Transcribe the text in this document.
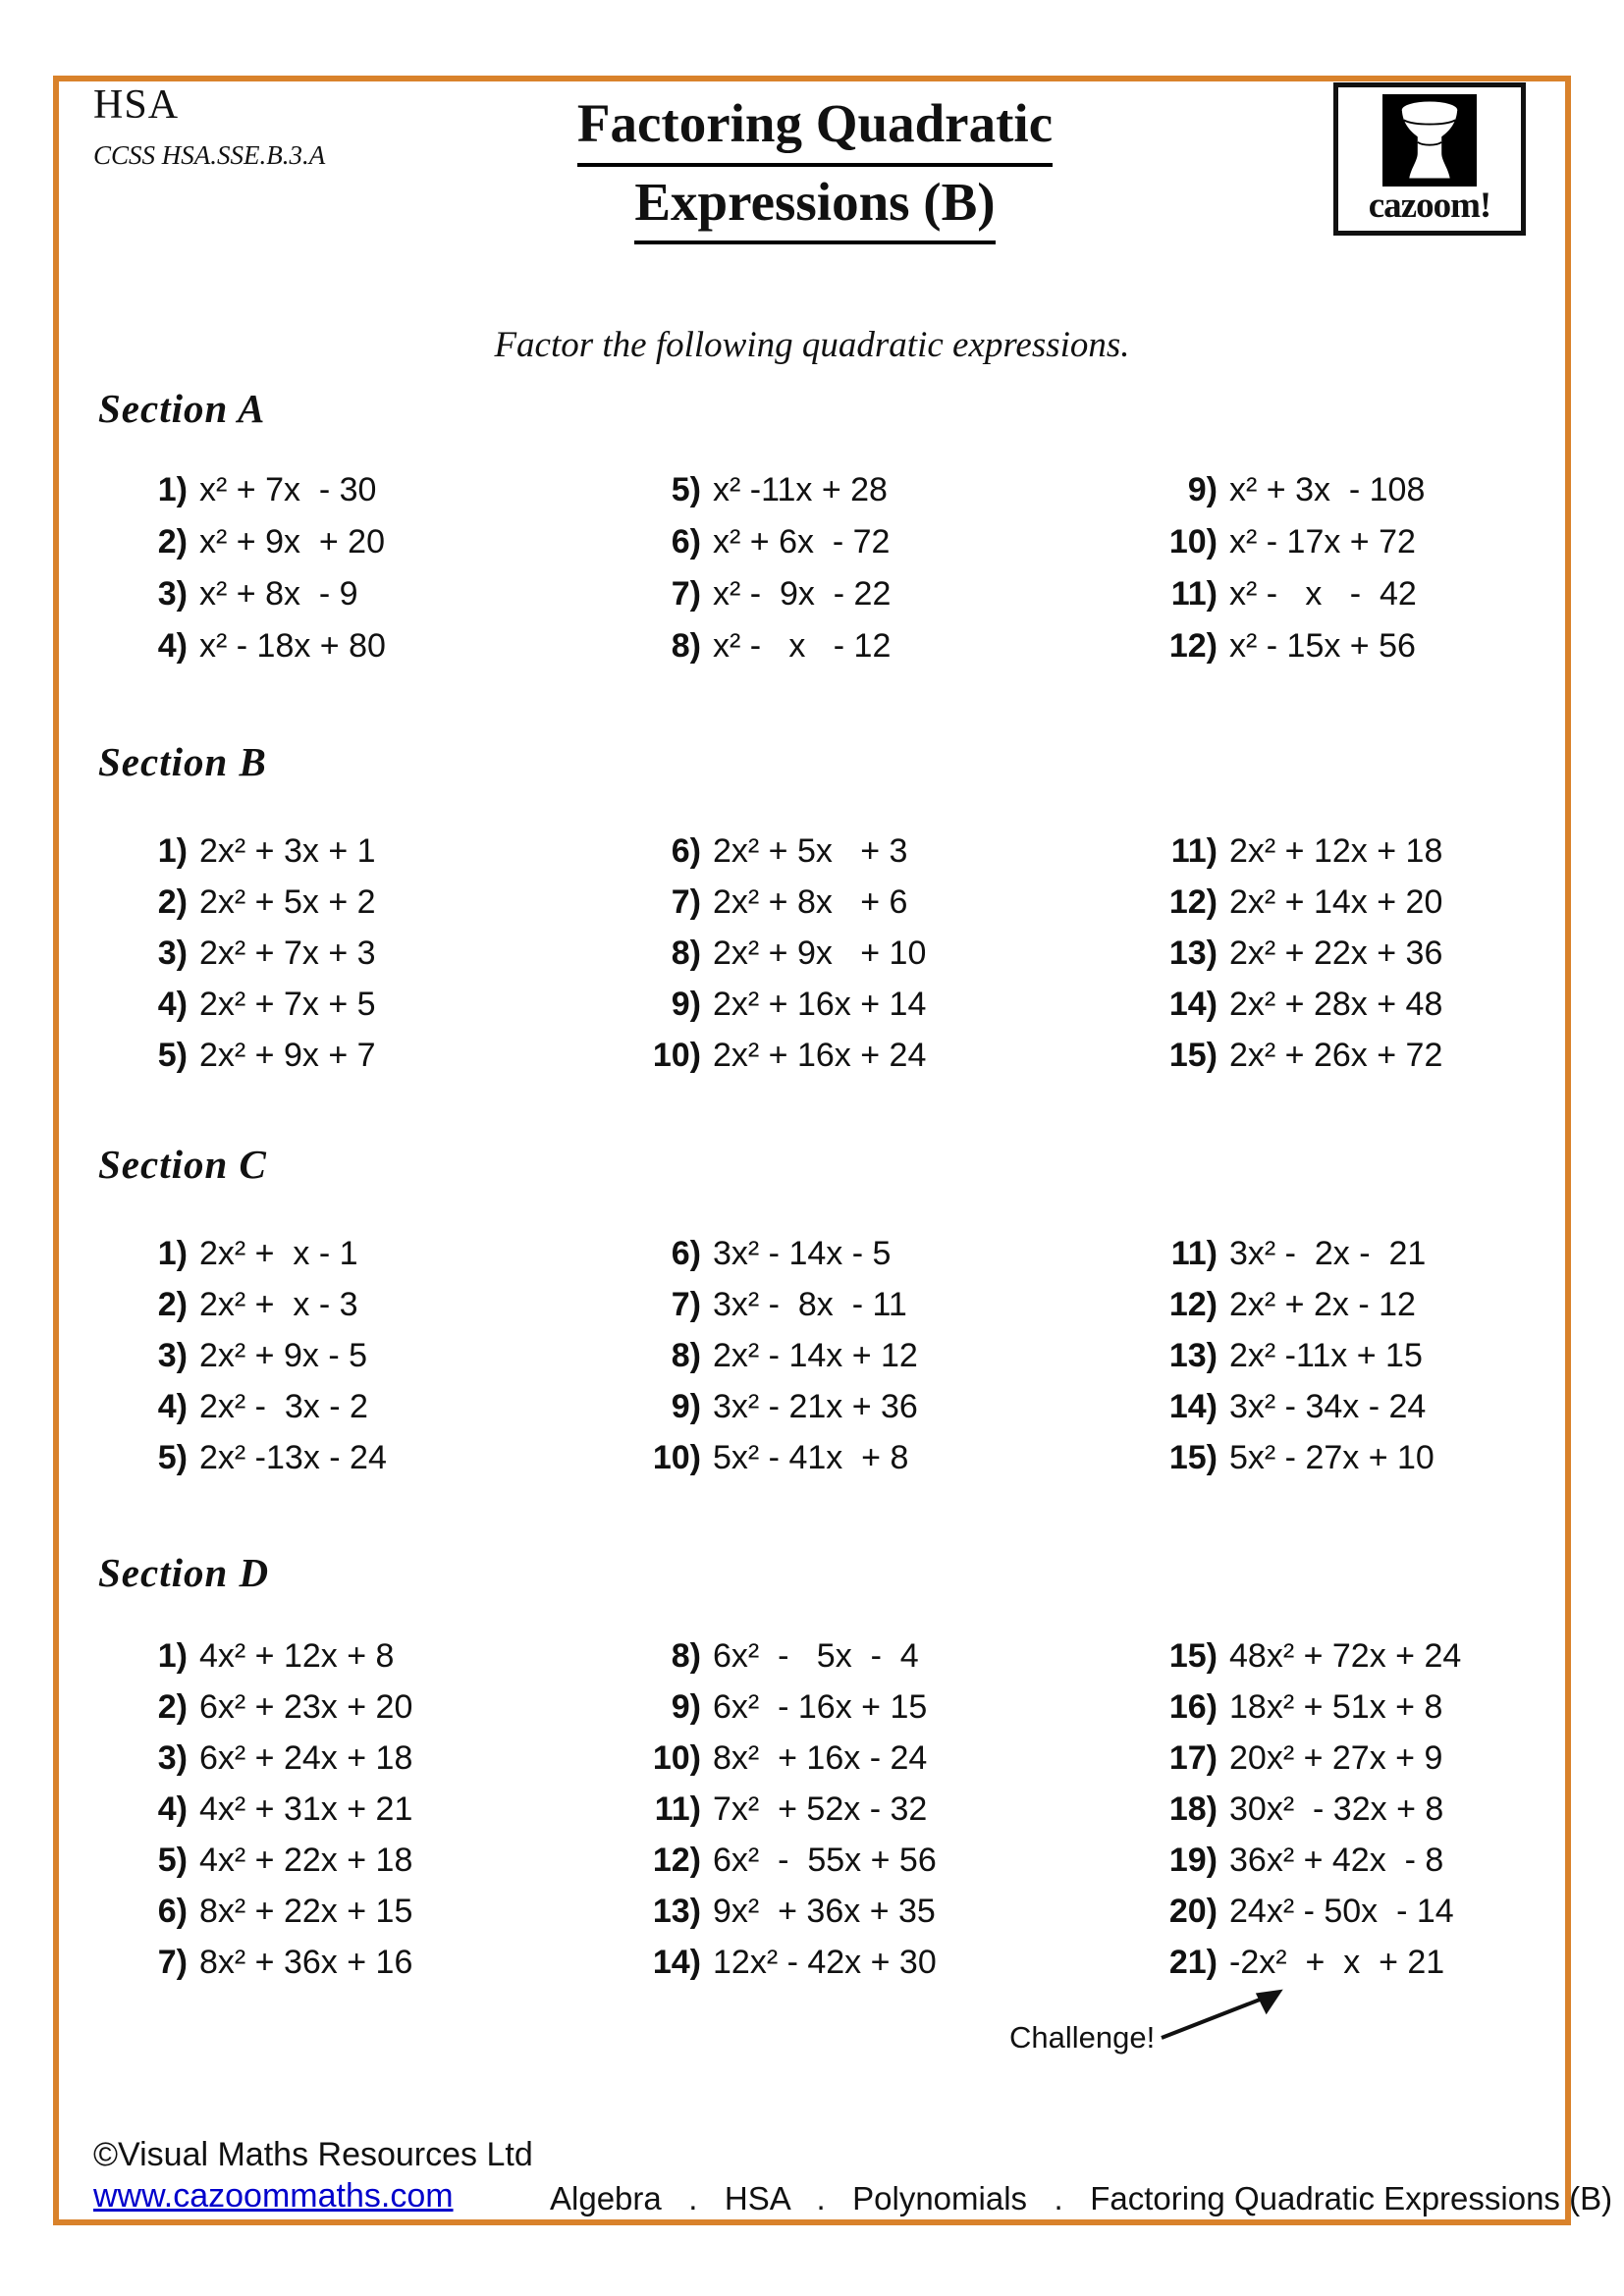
HSA
CCSS HSA.SSE.B.3.A
Factoring Quadratic
Expressions (B)	cazoom!
Factor the following quadratic expressions.
Section A
1) x² + 7x  - 30
2) x² + 9x  + 20
3) x² + 8x  - 9
4) x² - 18x + 80
5) x² -11x + 28
6) x² + 6x  - 72
7) x² -  9x  - 22
8) x² -   x   - 12
9) x² + 3x  - 108
10) x² - 17x + 72
11) x² -   x   -  42
12) x² - 15x + 56
Section B
1) 2x² + 3x + 1
2) 2x² + 5x + 2
3) 2x² + 7x + 3
4) 2x² + 7x + 5
5) 2x² + 9x + 7
6) 2x² + 5x   + 3
7) 2x² + 8x   + 6
8) 2x² + 9x   + 10
9) 2x² + 16x + 14
10) 2x² + 16x + 24
11) 2x² + 12x + 18
12) 2x² + 14x + 20
13) 2x² + 22x + 36
14) 2x² + 28x + 48
15) 2x² + 26x + 72
Section C
1) 2x² +  x - 1
2) 2x² +  x - 3
3) 2x² + 9x - 5
4) 2x² -  3x - 2
5) 2x² -13x - 24
6) 3x² - 14x - 5
7) 3x² -  8x  - 11
8) 2x² - 14x + 12
9) 3x² - 21x + 36
10) 5x² - 41x  + 8
11) 3x² -  2x -  21
12) 2x² + 2x - 12
13) 2x² -11x + 15
14) 3x² - 34x - 24
15) 5x² - 27x + 10
Section D
1) 4x² + 12x + 8
2) 6x² + 23x + 20
3) 6x² + 24x + 18
4) 4x² + 31x + 21
5) 4x² + 22x + 18
6) 8x² + 22x + 15
7) 8x² + 36x + 16
8) 6x²  -   5x  -  4
9) 6x²  - 16x + 15
10) 8x²  + 16x - 24
11) 7x²  + 52x - 32
12) 6x²  -  55x + 56
13) 9x²  + 36x + 35
14) 12x² - 42x + 30
15) 48x² + 72x + 24
16) 18x² + 51x + 8
17) 20x² + 27x + 9
18) 30x²  - 32x + 8
19) 36x² + 42x  - 8
20) 24x² - 50x  - 14
21) -2x²  +  x  + 21
Challenge!
©Visual Maths Resources Ltd
www.cazoommaths.com	Algebra   .   HSA   .   Polynomials   .   Factoring Quadratic Expressions (B)
